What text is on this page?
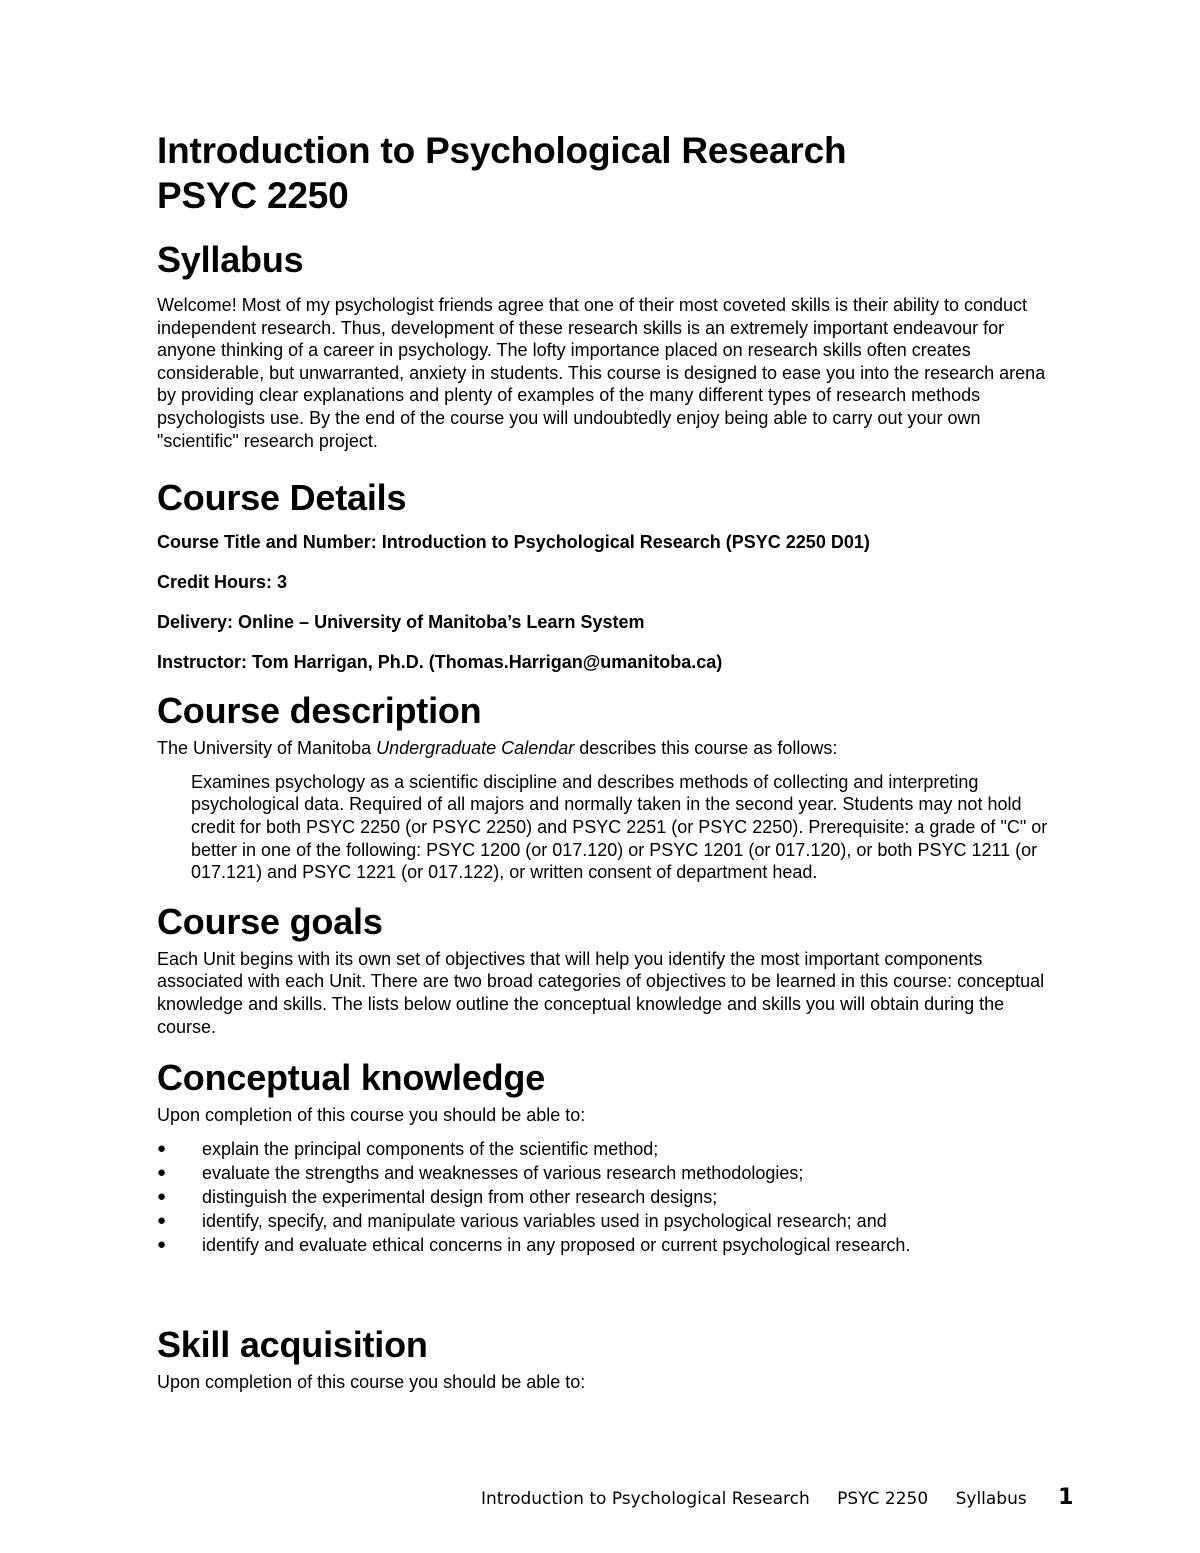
Introduction to Psychological Research
PSYC 2250
Syllabus

Welcome! Most of my psychologist friends agree that one of their most coveted skills is their ability to conduct independent research. Thus, development of these research skills is an extremely important endeavour for anyone thinking of a career in psychology. The lofty importance placed on research skills often creates considerable, but unwarranted, anxiety in students. This course is designed to ease you into the research arena by providing clear explanations and plenty of examples of the many different types of research methods psychologists use. By the end of the course you will undoubtedly enjoy being able to carry out your own "scientific" research project.

Course Details

Course Title and Number: Introduction to Psychological Research (PSYC 2250 D01)

Credit Hours: 3

Delivery: Online – University of Manitoba’s Learn System

Instructor: Tom Harrigan, Ph.D. (Thomas.Harrigan@umanitoba.ca)

Course description

The University of Manitoba Undergraduate Calendar describes this course as follows:

Examines psychology as a scientific discipline and describes methods of collecting and interpreting psychological data. Required of all majors and normally taken in the second year. Students may not hold credit for both PSYC 2250 (or PSYC 2250) and PSYC 2251 (or PSYC 2250). Prerequisite: a grade of "C" or better in one of the following: PSYC 1200 (or 017.120) or PSYC 1201 (or 017.120), or both PSYC 1211 (or 017.121) and PSYC 1221 (or 017.122), or written consent of department head.

Course goals

Each Unit begins with its own set of objectives that will help you identify the most important components associated with each Unit. There are two broad categories of objectives to be learned in this course: conceptual knowledge and skills. The lists below outline the conceptual knowledge and skills you will obtain during the course.

Conceptual knowledge

Upon completion of this course you should be able to:

● explain the principal components of the scientific method;
● evaluate the strengths and weaknesses of various research methodologies;
● distinguish the experimental design from other research designs;
● identify, specify, and manipulate various variables used in psychological research; and
● identify and evaluate ethical concerns in any proposed or current psychological research.
Skill acquisition

Upon completion of this course you should be able to:

Introduction to Psychological Research PSYC 2250 Syllabus 1
